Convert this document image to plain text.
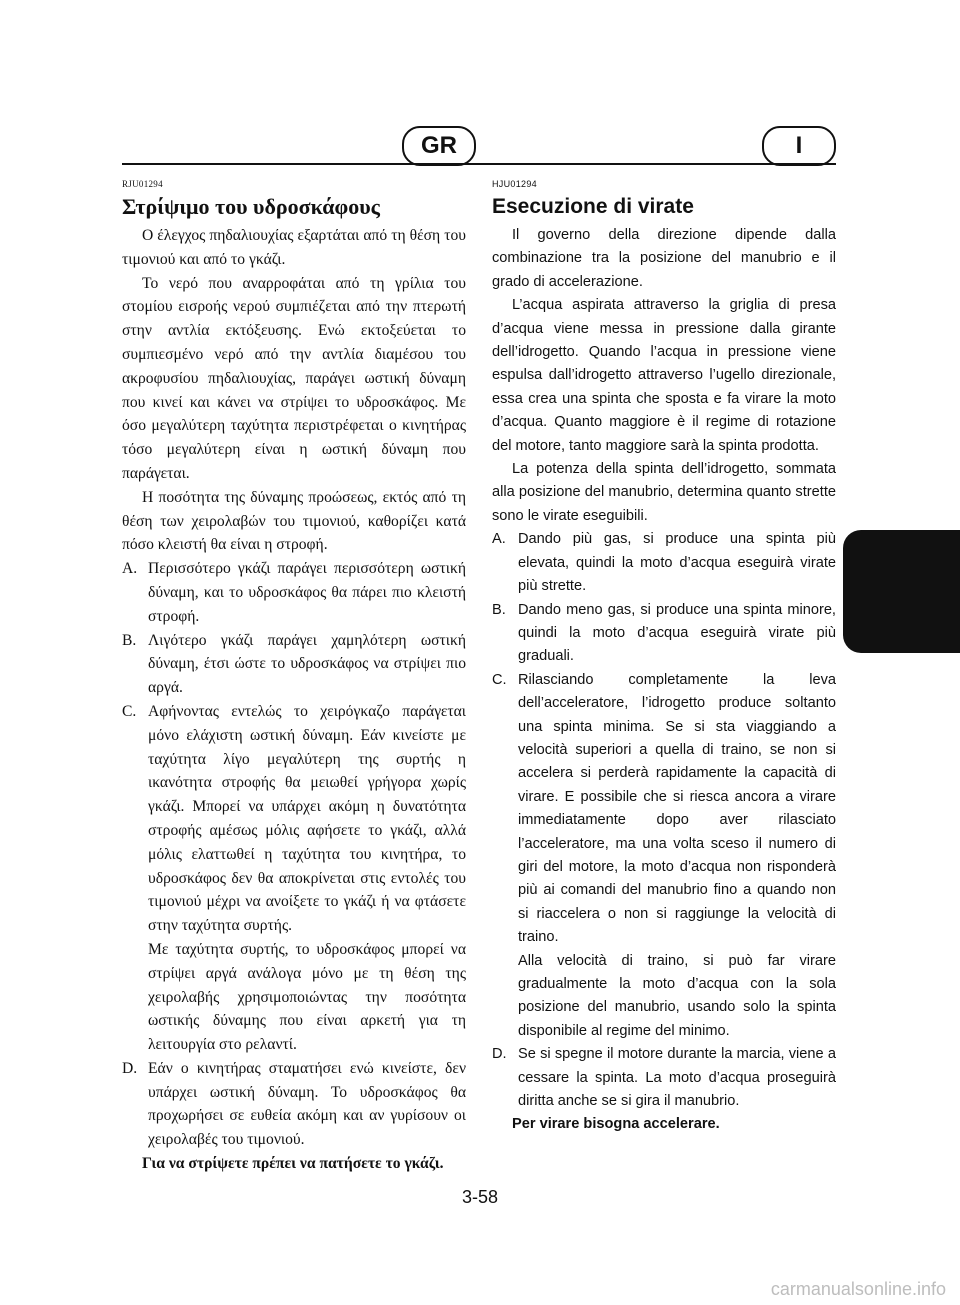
GR	I
RJU01294
Στρίψιμο του υδροσκάφους

Ο έλεγχος πηδαλιουχίας εξαρτάται από τη θέση του τιμονιού και από το γκάζι.

Το νερό που αναρροφάται από τη γρίλια του στομίου εισροής νερού συμπιέζεται από την πτερωτή στην αντλία εκτόξευσης. Ενώ εκτοξεύεται το συμπιεσμένο νερό από την αντλία διαμέσου του ακροφυσίου πηδαλιουχίας, παράγει ωστική δύναμη που κινεί και κάνει να στρίψει το υδροσκάφος. Με όσο μεγαλύτερη ταχύτητα περιστρέφεται ο κινητήρας τόσο μεγαλύτερη είναι η ωστική δύναμη που παράγεται.

Η ποσότητα της δύναμης προώσεως, εκτός από τη θέση των χειρολαβών του τιμονιού, καθορίζει κατά πόσο κλειστή θα είναι η στροφή.

A. Περισσότερο γκάζι παράγει περισσότερη ωστική δύναμη, και το υδροσκάφος θα πάρει πιο κλειστή στροφή.
B. Λιγότερο γκάζι παράγει χαμηλότερη ωστική δύναμη, έτσι ώστε το υδροσκάφος να στρίψει πιο αργά.
C. Αφήνοντας εντελώς το χειρόγκαζο παράγεται μόνο ελάχιστη ωστική δύναμη. Εάν κινείστε με ταχύτητα λίγο μεγαλύτερη της συρτής η ικανότητα στροφής θα μειωθεί γρήγορα χωρίς γκάζι. Μπορεί να υπάρχει ακόμη η δυνατότητα στροφής αμέσως μόλις αφήσετε το γκάζι, αλλά μόλις ελαττωθεί η ταχύτητα του κινητήρα, το υδροσκάφος δεν θα αποκρίνεται στις εντολές του τιμονιού μέχρι να ανοίξετε το γκάζι ή να φτάσετε στην ταχύτητα συρτής.
Με ταχύτητα συρτής, το υδροσκάφος μπορεί να στρίψει αργά ανάλογα μόνο με τη θέση της χειρολαβής χρησιμοποιώντας την ποσότητα ωστικής δύναμης που είναι αρκετή για τη λειτουργία στο ρελαντί.
D. Εάν ο κινητήρας σταματήσει ενώ κινείστε, δεν υπάρχει ωστική δύναμη. Το υδροσκάφος θα προχωρήσει σε ευθεία ακόμη και αν γυρίσουν οι χειρολαβές του τιμονιού.
Για να στρίψετε πρέπει να πατήσετε το γκάζι.
HJU01294
Esecuzione di virate

Il governo della direzione dipende dalla combinazione tra la posizione del manubrio e il grado di accelerazione.

L’acqua aspirata attraverso la griglia di presa d’acqua viene messa in pressione dalla girante dell’idrogetto. Quando l’acqua in pressione viene espulsa dall’idrogetto attraverso l’ugello direzionale, essa crea una spinta che sposta e fa virare la moto d’acqua. Quanto maggiore è il regime di rotazione del motore, tanto maggiore sarà la spinta prodotta.

La potenza della spinta dell’idrogetto, sommata alla posizione del manubrio, determina quanto strette sono le virate eseguibili.

A. Dando più gas, si produce una spinta più elevata, quindi la moto d’acqua eseguirà virate più strette.
B. Dando meno gas, si produce una spinta minore, quindi la moto d’acqua eseguirà virate più graduali.
C. Rilasciando completamente la leva dell’acceleratore, l’idrogetto produce soltanto una spinta minima. Se si sta viaggiando a velocità superiori a quella di traino, se non si accelera si perderà rapidamente la capacità di virare. E possibile che si riesca ancora a virare immediatamente dopo aver rilasciato l’acceleratore, ma una volta sceso il numero di giri del motore, la moto d’acqua non risponderà più ai comandi del manubrio fino a quando non si riaccelera o non si raggiunge la velocità di traino.
Alla velocità di traino, si può far virare gradualmente la moto d’acqua con la sola posizione del manubrio, usando solo la spinta disponibile al regime del minimo.
D. Se si spegne il motore durante la marcia, viene a cessare la spinta. La moto d’acqua proseguirà diritta anche se si gira il manubrio.
Per virare bisogna accelerare.
3-58
carmanualsonline.info
